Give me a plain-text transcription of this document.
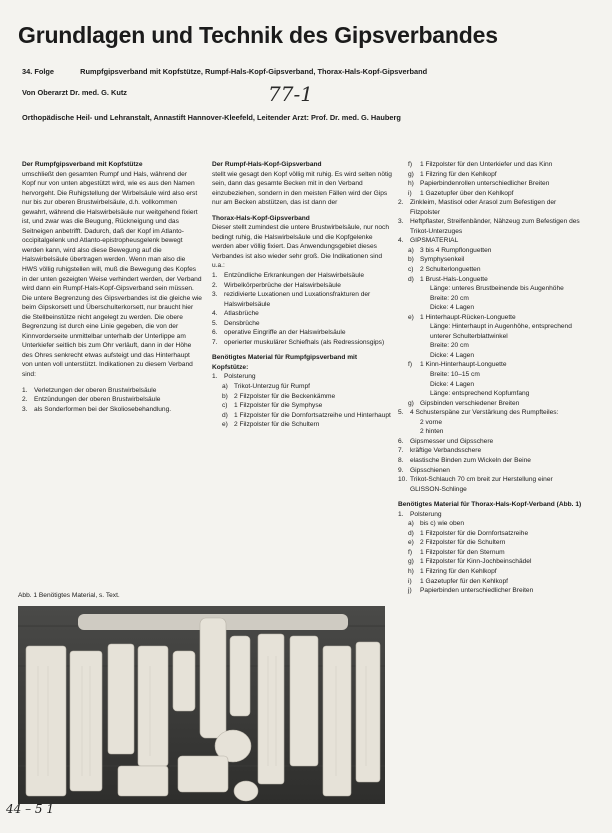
Grundlagen und Technik des Gipsverbandes
34. Folge	Rumpfgipsverband mit Kopfstütze, Rumpf-Hals-Kopf-Gipsverband, Thorax-Hals-Kopf-Gipsverband
Von Oberarzt Dr. med. G. Kutz	77-1
Orthopädische Heil- und Lehranstalt, Annastift Hannover-Kleefeld, Leitender Arzt: Prof. Dr. med. G. Hauberg

Der Rumpfgipsverband mit Kopfstütze

umschließt den gesamten Rumpf und Hals, während der Kopf nur von unten abgestützt wird, wie es aus den Namen hervorgeht. Die Ruhigstellung der Wirbelsäule wird also erst nur bis zur oberen Brustwirbelsäule, d.h. vollkommen gewahrt, während die Halswirbelsäule nur weitgehend fixiert ist, und zwar was die Beugung, Rückneigung und das Seitneigen anbetrifft. Dadurch, daß der Kopf im Atlanto-occipitalgelenk und Atlanto-epistropheusgelenk bewegt werden kann, wird also diese Bewegung auf die Halswirbelsäule übertragen werden. Wenn man also die HWS völlig ruhigstellen will, muß die Bewegung des Kopfes in der unten gezeigten Weise verhindert werden, der Verband wird dann ein Rumpf-Hals-Kopf-Gipsverband sein müssen. Die untere Begrenzung des Gipsverbandes ist die gleiche wie beim Gipskorsett und Überschulterkorsett, nur braucht hier die Stellbeinstütze nicht angelegt zu werden. Die obere Begrenzung ist durch eine Linie gegeben, die von der Kinnvorderseite unmittelbar unterhalb der Unterlippe am Unterkiefer seitlich bis zum Ohr verläuft, dann in der Höhe des Ohres senkrecht etwas aufsteigt und das Hinterhaupt von unten voll unterstützt. Indikationen zu diesem Verband sind:

1. Verletzungen der oberen Brustwirbelsäule
2. Entzündungen der oberen Brustwirbelsäule
3. als Sonderformen bei der Skoliosebehandlung.

Der Rumpf-Hals-Kopf-Gipsverband

stellt wie gesagt den Kopf völlig mit ruhig. Es wird selten nötig sein, dann das gesamte Becken mit in den Verband einzubeziehen, sondern in den meisten Fällen wird der Gips nur am Becken abstützen, das ist dann der

Thorax-Hals-Kopf-Gipsverband

Dieser stellt zumindest die untere Brustwirbelsäule, nur noch bedingt ruhig, die Halswirbelsäule und die Kopfgelenke werden aber völlig fixiert. Das Anwendungsgebiet dieses Verbandes ist also wieder sehr groß. Die Indikationen sind u.a.:

1. Entzündliche Erkrankungen der Halswirbelsäule
2. Wirbelkörperbrüche der Halswirbelsäule
3. rezidivierte Luxationen und Luxationsfrakturen der Halswirbelsäule
4. Atlasbrüche
5. Densbrüche
6. operative Eingriffe an der Halswirbelsäule
7. operierter muskulärer Schiefhals (als Redressionsgips)

Benötigtes Material für Rumpfgipsverband mit Kopfstütze:

1. Polsterung
a) Trikot-Unterzug für Rumpf
b) 2 Filzpolster für die Beckenkämme
c) 1 Filzpolster für die Symphyse
d) 1 Filzpolster für die Dornfortsatzreihe und Hinterhaupt
e) 2 Filzpolster für die Schultern
f)	1 Filzpolster für den Unterkiefer und das Kinn
g) 1 Filzring für den Kehlkopf
h) Papierbindenrollen unterschiedlicher Breiten
i)	1 Gazetupfer über den Kehlkopf
2. Zinkleim, Mastisol oder Arasol zum Befestigen der Filzpolster
3. Heftpflaster, Streifenbänder, Nähzeug zum Befestigen des Trikot-Unterzuges
4. GIPSMATERIAL
a) 3 bis 4 Rumpflonguetten
b) Symphysenkeil
c) 2 Schulterlonguetten
d) 1 Brust-Hals-Longuette
Länge: unteres Brustbeinende bis Augenhöhe
Breite: 20 cm
Dicke: 4 Lagen
e) 1 Hinterhaupt-Rücken-Longuette
Länge: Hinterhaupt in Augenhöhe, entsprechend unterer Schulterblattwinkel
Breite: 20 cm
Dicke: 4 Lagen
f)	1 Kinn-Hinterhaupt-Longuette
Breite: 10–15 cm
Dicke: 4 Lagen
Länge: entsprechend Kopfumfang
g) Gipsbinden verschiedener Breiten
5. 4 Schusterspäne zur Verstärkung des Rumpfteiles:
2 vorne
2 hinten
6. Gipsmesser und Gipsschere
7. kräftige Verbandsschere
8. elastische Binden zum Wickeln der Beine
9. Gipsschienen
10. Trikot-Schlauch 70 cm breit zur Herstellung einer GLISSON-Schlinge

Benötigtes Material für Thorax-Hals-Kopf-Verband (Abb. 1)

1. Polsterung
a) bis c) wie oben
d) 1 Filzpolster für die Dornfortsatzreihe
e) 2 Filzpolster für die Schultern
f)	1 Filzpolster für den Sternum
g) 1 Filzpolster für Kinn-Jochbeinschädel
h) 1 Filzring für den Kehlkopf
i)	1 Gazetupfer für den Kehlkopf
j)	Papierbinden unterschiedlicher Breiten
Abb. 1 Benötigtes Material, s. Text.
44 – 5 1
